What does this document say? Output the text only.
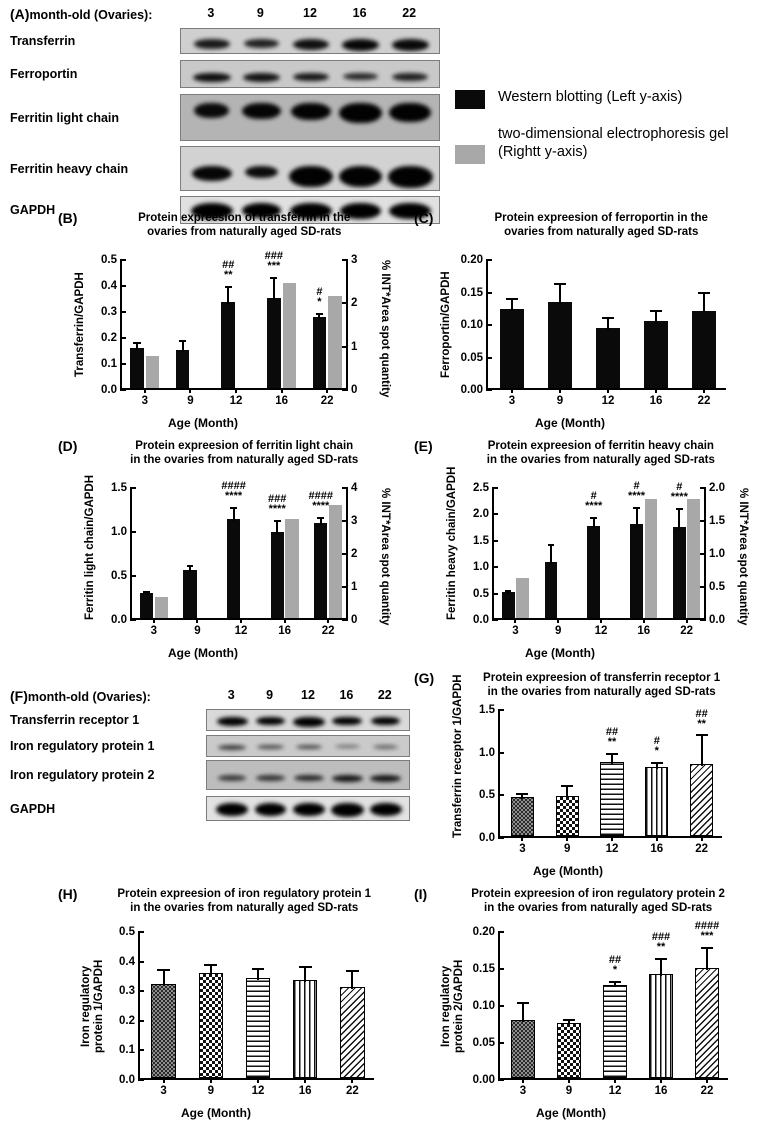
(A) month-old (Ovaries):	3	9	12	16	22
Transferrin
Ferroportin
Ferritin light chain
Ferritin heavy chain
GAPDH
Western blotting (Left y-axis)
two-dimensional electrophoresis gel
(Rightt y-axis)
(B)	Protein expreesion of transferrin in the
ovaries from naturally aged SD-rats
Transferrin/GAPDH	% INT*Area spot quantity
0.0
0.1
0.2
0.3
0.4
0.5
0
1
2
3
3	9
##
**
12
###
***
16
#
*
22
Age (Month)
(C)	Protein expreesion of ferroportin in the
ovaries from naturally aged SD-rats
Ferroportin/GAPDH
0.00
0.05
0.10
0.15
0.20
3	9	12	16	22
Age (Month)
(D)	Protein expreesion of ferritin light chain
in the ovaries from naturally aged SD-rats
Ferritin light chain/GAPDH	% INT*Area spot quantity
0.0
0.5
1.0
1.5
0
1
2
3
4
3	9
####
****
12
###
****
16
####
****
22
Age (Month)
(E)	Protein expreesion of ferritin heavy chain
in the ovaries from naturally aged SD-rats
Ferritin heavy chain/GAPDH	% INT*Area spot quantity
0.0
0.5
1.0
1.5
2.0
2.5
0.0
0.5
1.0
1.5
2.0
3	9
#
****
12
#
****
16
#
****
22
Age (Month)
(G)	Protein expreesion of transferrin receptor 1
in the ovaries from naturally aged SD-rats
Transferrin receptor 1/GAPDH 0.0
0.5
1.0
1.5
3	9
##
**
12
#
*
16
##
**
22
Age (Month)
(H)	Protein expreesion of iron regulatory protein 1
in the ovaries from naturally aged SD-rats
Iron regulatory protein 1/GAPDH
0.0
0.1
0.2
0.3
0.4
0.5
3	9	12	16	22
Age (Month)
(I)	Protein expreesion of iron regulatory protein 2
in the ovaries from naturally aged SD-rats
Iron regulatory protein 2/GAPDH
0.00
0.05
0.10
0.15
0.20
3	9
##
*
12
###
**
16
####
***
22
Age (Month)
(F) month-old (Ovaries):	3	9 12 16 22
Transferrin receptor 1
Iron regulatory protein 1
Iron regulatory protein 2
GAPDH
